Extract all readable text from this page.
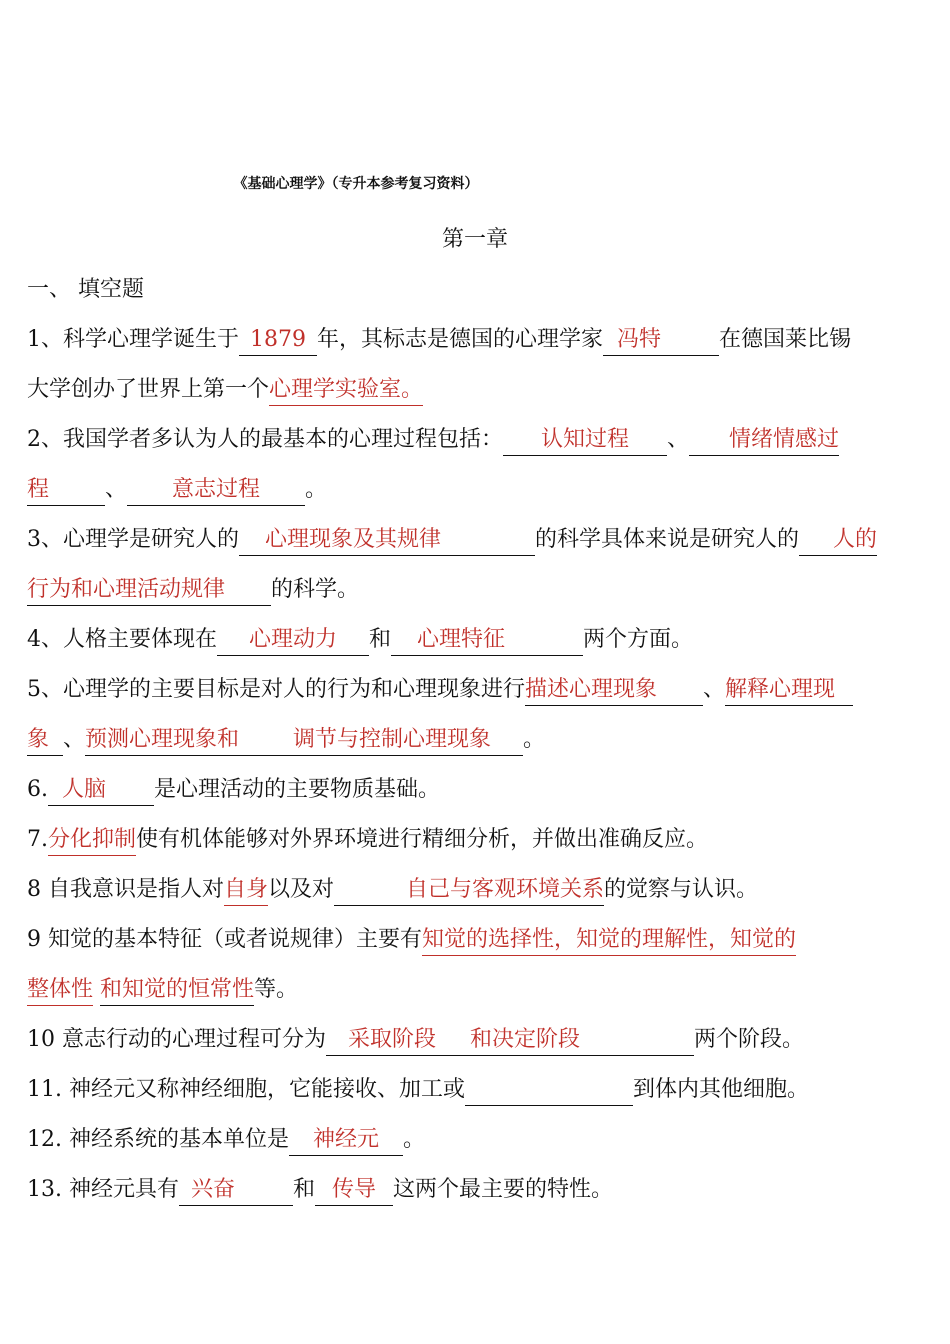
《基础心理学》（专升本参考复习资料）
第一章
一、 填空题
1、科学心理学诞生于 1879 年，其标志是德国的心理学家 冯特	在德国莱比锡
大学创办了世界上第一个心理学实验室。
2、我国学者多认为人的最基本的心理过程包括： 认知过程 、 情绪情感过
程	、 意志过程 。
3、心理学是研究人的 心理现象及其规律	的科学具体来说是研究人的 人的
行为和心理活动规律 的科学。
4、人格主要体现在 心理动力 和 心理特征	两个方面。
5、心理学的主要目标是对人的行为和心理现象进行描述心理现象 、解释心理现
象 、预测心理现象和 调节与控制心理现象 。
6. 人脑 是心理活动的主要物质基础。
7.分化抑制使有机体能够对外界环境进行精细分析，并做出准确反应。
8 自我意识是指人对自身以及对	自己与客观环境关系的觉察与认识。
9 知觉的基本特征（或者说规律）主要有知觉的选择性，知觉的理解性，知觉的
整体性 和知觉的恒常性等。
10 意志行动的心理过程可分为 采取阶段 和决定阶段	两个阶段。
11. 神经元又称神经细胞，它能接收、加工或	到体内其他细胞。
12. 神经系统的基本单位是 神经元 。
13. 神经元具有 兴奋	和 传导 这两个最主要的特性。
